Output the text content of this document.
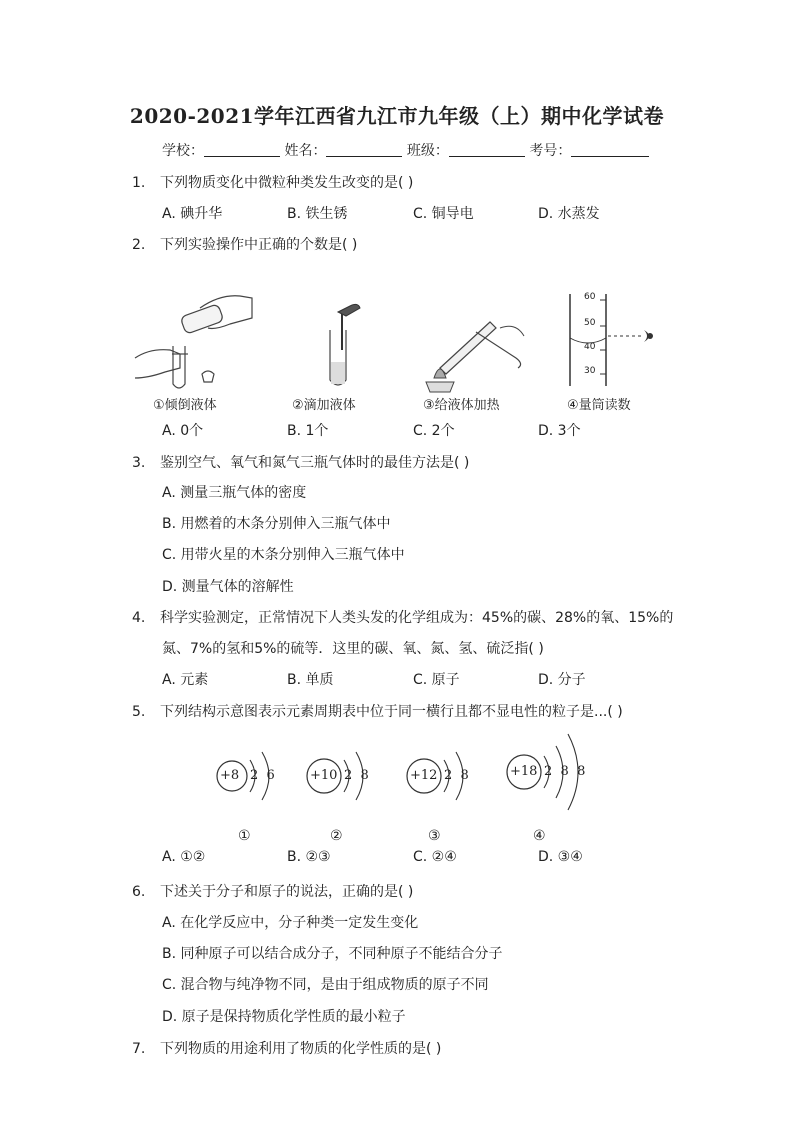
2020-2021学年江西省九江市九年级（上）期中化学试卷
学校：	姓名：	班级：	考号：
1. 下列物质变化中微粒种类发生改变的是( )
A. 碘升华	B. 铁生锈	C. 铜导电	D. 水蒸发
2. 下列实验操作中正确的个数是( )
60
50
40
30
①倾倒液体	②滴加液体	③给液体加热	④量筒读数
A. 0个	B. 1个	C. 2个	D. 3个
3. 鉴别空气、氧气和氮气三瓶气体时的最佳方法是( )
A. 测量三瓶气体的密度
B. 用燃着的木条分别伸入三瓶气体中
C. 用带火星的木条分别伸入三瓶气体中
D. 测量气体的溶解性
4. 科学实验测定，正常情况下人类头发的化学组成为：45%的碳、28%的氧、15%的
氮、7%的氢和5%的硫等．这里的碳、氧、氮、氢、硫泛指( )
A. 元素	B. 单质	C. 原子	D. 分子
5. 下列结构示意图表示元素周期表中位于同一横行且都不显电性的粒子是...( )
+8 2  6	+10 2  8	+12 2  8	+18 2  8  8
①	②	③	④
A. ①②	B. ②③	C. ②④	D. ③④
6. 下述关于分子和原子的说法，正确的是( )
A. 在化学反应中，分子种类一定发生变化
B. 同种原子可以结合成分子，不同种原子不能结合分子
C. 混合物与纯净物不同，是由于组成物质的原子不同
D. 原子是保持物质化学性质的最小粒子
7. 下列物质的用途利用了物质的化学性质的是( )
